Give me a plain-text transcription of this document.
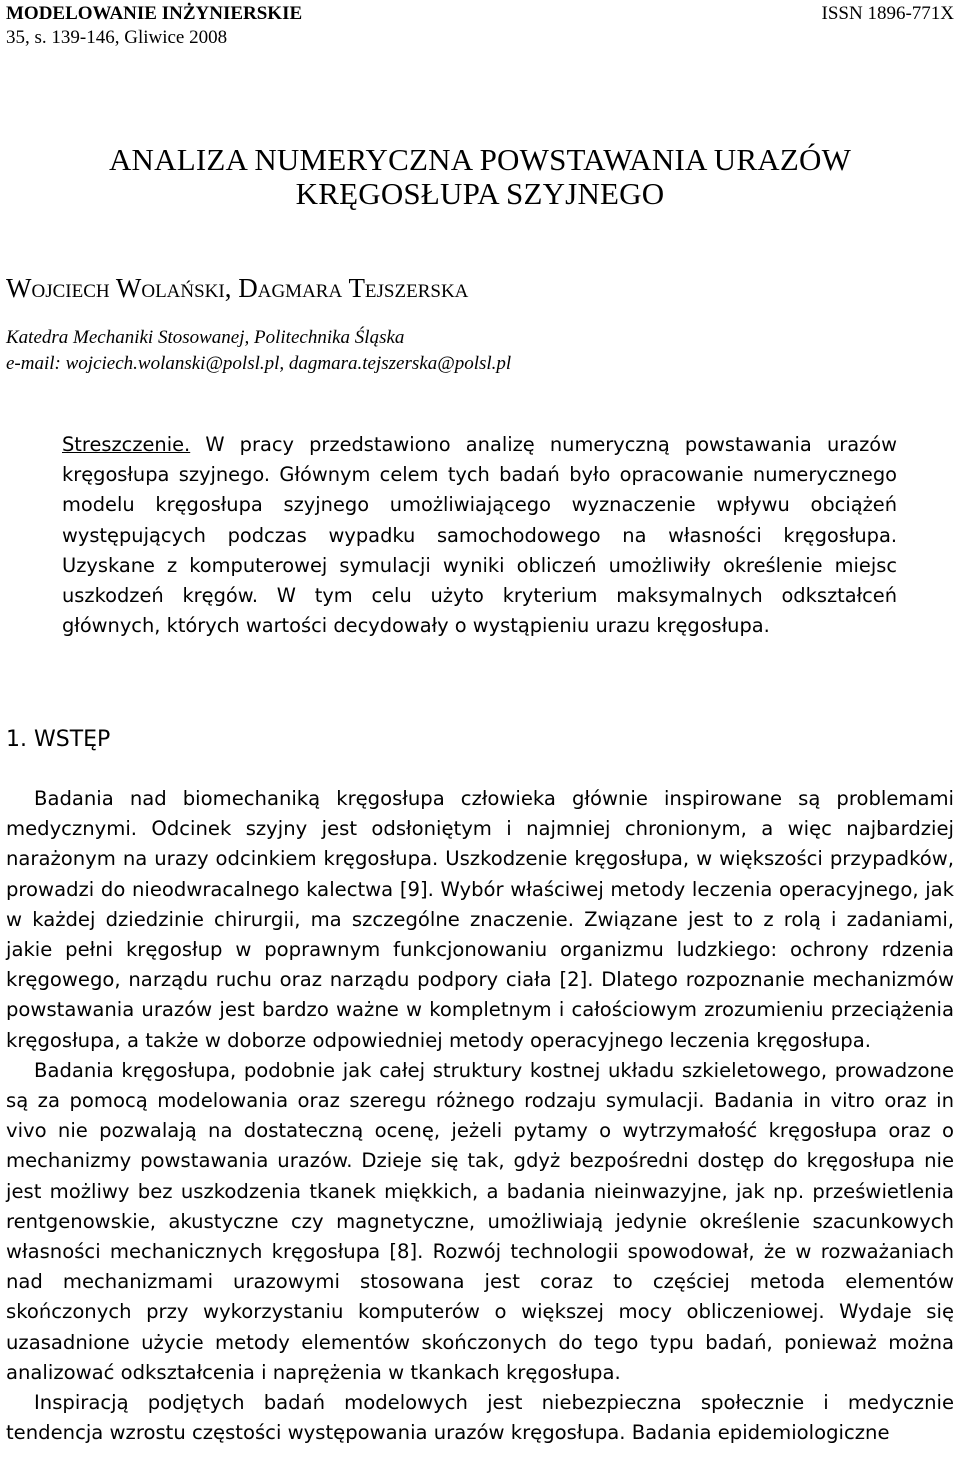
MODELOWANIE INŻYNIERSKIE	ISSN 1896-771X
35, s. 139-146, Gliwice 2008
ANALIZA NUMERYCZNA POWSTAWANIA URAZÓW
KRĘGOSŁUPA SZYJNEGO
Wojciech Wolański, Dagmara Tejszerska
Katedra Mechaniki Stosowanej, Politechnika Śląska
e-mail: wojciech.wolanski@polsl.pl, dagmara.tejszerska@polsl.pl
Streszczenie. W pracy przedstawiono analizę numeryczną powstawania urazów kręgosłupa szyjnego. Głównym celem tych badań było opracowanie numerycznego modelu kręgosłupa szyjnego umożliwiającego wyznaczenie wpływu obciążeń występujących podczas wypadku samochodowego na własności kręgosłupa. Uzyskane z komputerowej symulacji wyniki obliczeń umożliwiły określenie miejsc uszkodzeń kręgów. W tym celu użyto kryterium maksymalnych odkształceń głównych, których wartości decydowały o wystąpieniu urazu kręgosłupa.
1. WSTĘP

Badania nad biomechaniką kręgosłupa człowieka głównie inspirowane są problemami medycznymi. Odcinek szyjny jest odsłoniętym i najmniej chronionym, a więc najbardziej narażonym na urazy odcinkiem kręgosłupa. Uszkodzenie kręgosłupa, w większości przypadków, prowadzi do nieodwracalnego kalectwa [9]. Wybór właściwej metody leczenia operacyjnego, jak w każdej dziedzinie chirurgii, ma szczególne znaczenie. Związane jest to z rolą i zadaniami, jakie pełni kręgosłup w poprawnym funkcjonowaniu organizmu ludzkiego: ochrony rdzenia kręgowego, narządu ruchu oraz narządu podpory ciała [2]. Dlatego rozpoznanie mechanizmów powstawania urazów jest bardzo ważne w kompletnym i całościowym zrozumieniu przeciążenia kręgosłupa, a także w doborze odpowiedniej metody operacyjnego leczenia kręgosłupa.

Badania kręgosłupa, podobnie jak całej struktury kostnej układu szkieletowego, prowadzone są za pomocą modelowania oraz szeregu różnego rodzaju symulacji. Badania in vitro oraz in vivo nie pozwalają na dostateczną ocenę, jeżeli pytamy o wytrzymałość kręgosłupa oraz o mechanizmy powstawania urazów. Dzieje się tak, gdyż bezpośredni dostęp do kręgosłupa nie jest możliwy bez uszkodzenia tkanek miękkich, a badania nieinwazyjne, jak np. prześwietlenia rentgenowskie, akustyczne czy magnetyczne, umożliwiają jedynie określenie szacunkowych własności mechanicznych kręgosłupa [8]. Rozwój technologii spowodował, że w rozważaniach nad mechanizmami urazowymi stosowana jest coraz to częściej metoda elementów skończonych przy wykorzystaniu komputerów o większej mocy obliczeniowej. Wydaje się uzasadnione użycie metody elementów skończonych do tego typu badań, ponieważ można analizować odkształcenia i naprężenia w tkankach kręgosłupa.

Inspiracją podjętych badań modelowych jest niebezpieczna społecznie i medycznie tendencja wzrostu częstości występowania urazów kręgosłupa. Badania epidemiologiczne
